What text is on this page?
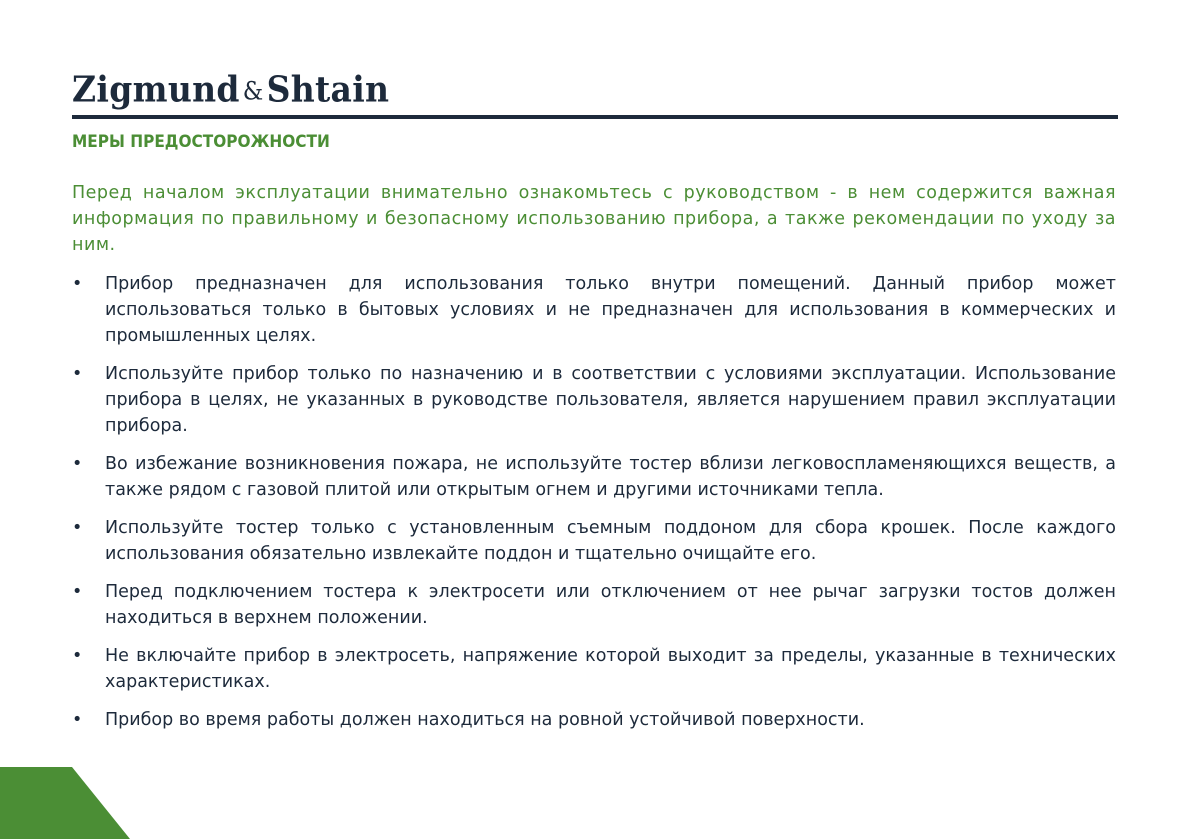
Zigmund &Shtain
МЕРЫ ПРЕДОСТОРОЖНОСТИ

Перед началом эксплуатации внимательно ознакомьтесь с руководством - в нем содержится важная информация по правильному и безопасному использованию прибора, а также рекомендации по уходу за ним.

• Прибор предназначен для использования только внутри помещений. Данный прибор может использоваться только в бытовых условиях и не предназначен для использования в коммерческих и промышленных целях.
• Используйте прибор только по назначению и в соответствии с условиями эксплуатации. Использование прибора в целях, не указанных в руководстве пользователя, является нарушением правил эксплуатации прибора.
• Во избежание возникновения пожара, не используйте тостер вблизи легковоспламеняющихся веществ, а также рядом с газовой плитой или открытым огнем и другими источниками тепла.
• Используйте тостер только с установленным съемным поддоном для сбора крошек. После каждого использования обязательно извлекайте поддон и тщательно очищайте его.
• Перед подключением тостера к электросети или отключением от нее рычаг загрузки тостов должен находиться в верхнем положении.
• Не включайте прибор в электросеть, напряжение которой выходит за пределы, указанные в технических характеристиках.
• Прибор во время работы должен находиться на ровной устойчивой поверхности.
